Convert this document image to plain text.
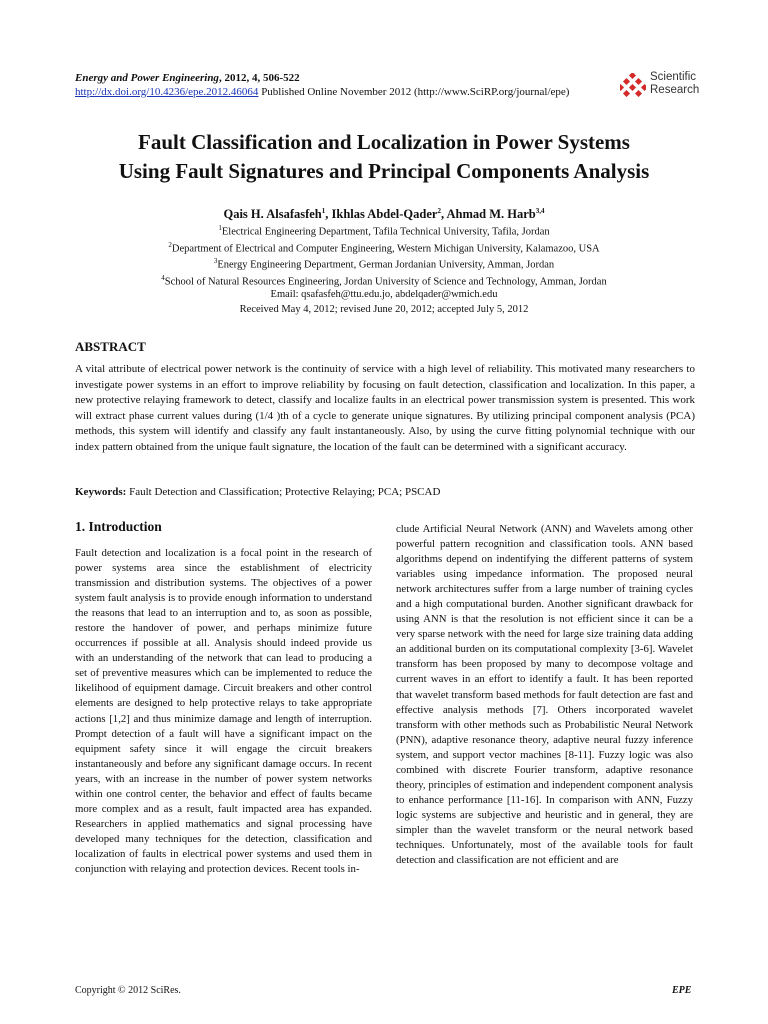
Energy and Power Engineering, 2012, 4, 506-522
http://dx.doi.org/10.4236/epe.2012.46064 Published Online November 2012 (http://www.SciRP.org/journal/epe)
Scientific
Research
Fault Classification and Localization in Power Systems
Using Fault Signatures and Principal Components Analysis
Qais H. Alsafasfeh$^1$, Ikhlas Abdel-Qader$^2$, Ahmad M. Harb$^{3,4}$
$^1$Electrical Engineering Department, Tafila Technical University, Tafila, Jordan
$^2$Department of Electrical and Computer Engineering, Western Michigan University, Kalamazoo, USA
$^3$Energy Engineering Department, German Jordanian University, Amman, Jordan
$^4$School of Natural Resources Engineering, Jordan University of Science and Technology, Amman, Jordan
Email: qsafasfeh@ttu.edu.jo, abdelqader@wmich.edu
Received May 4, 2012; revised June 20, 2012; accepted July 5, 2012
ABSTRACT
A vital attribute of electrical power network is the continuity of service with a high level of reliability. This motivated many researchers to investigate power systems in an effort to improve reliability by focusing on fault detection, classification and localization. In this paper, a new protective relaying framework to detect, classify and localize faults in an electrical power transmission system is presented. This work will extract phase current values during (1/4 )th of a cycle to generate unique signatures. By utilizing principal component analysis (PCA) methods, this system will identify and classify any fault instantaneously. Also, by using the curve fitting polynomial technique with our index pattern obtained from the unique fault signature, the location of the fault can be determined with a significant accuracy.
Keywords: Fault Detection and Classification; Protective Relaying; PCA; PSCAD
1. Introduction
Fault detection and localization is a focal point in the research of power systems area since the establishment of electricity transmission and distribution systems. The objectives of a power system fault analysis is to provide enough information to understand the reasons that lead to an interruption and to, as soon as possible, restore the handover of power, and perhaps minimize future occurrences if possible at all. Analysis should indeed provide us with an understanding of the network that can lead to producing a set of preventive measures which can be implemented to reduce the likelihood of equipment damage. Circuit breakers and other control elements are designed to help protective relays to take appropriate actions [1,2] and thus minimize damage and length of interruption. Prompt detection of a fault will have a significant impact on the equipment safety since it will engage the circuit breakers instantaneously and before any significant damage occurs. In recent years, with an increase in the number of power system networks within one control center, the behavior and effect of faults became more complex and as a result, fault impacted area has expanded. Researchers in applied mathematics and signal processing have developed many techniques for the detection, classification and localization of faults in electrical power systems and used them in conjunction with relaying and protection devices. Recent tools in-
clude Artificial Neural Network (ANN) and Wavelets among other powerful pattern recognition and classification tools. ANN based algorithms depend on indentifying the different patterns of system variables using impedance information. The proposed neural network architectures suffer from a large number of training cycles and a high computational burden. Another significant drawback for using ANN is that the resolution is not efficient since it can be a very sparse network with the need for large size training data adding an additional burden on its computational complexity [3-6]. Wavelet transform has been proposed by many to decompose voltage and current waves in an effort to identify a fault. It has been reported that wavelet transform based methods for fault detection are fast and effective analysis methods [7]. Others incorporated wavelet transform with other methods such as Probabilistic Neural Network (PNN), adaptive resonance theory, adaptive neural fuzzy inference system, and support vector machines [8-11]. Fuzzy logic was also combined with discrete Fourier transform, adaptive resonance theory, principles of estimation and independent component analysis to enhance performance [11-16]. In comparison with ANN, Fuzzy logic systems are subjective and heuristic and in general, they are simpler than the wavelet transform or the neural network based techniques. Unfortunately, most of the available tools for fault detection and classification are not efficient and are
Copyright © 2012 SciRes.	EPE
